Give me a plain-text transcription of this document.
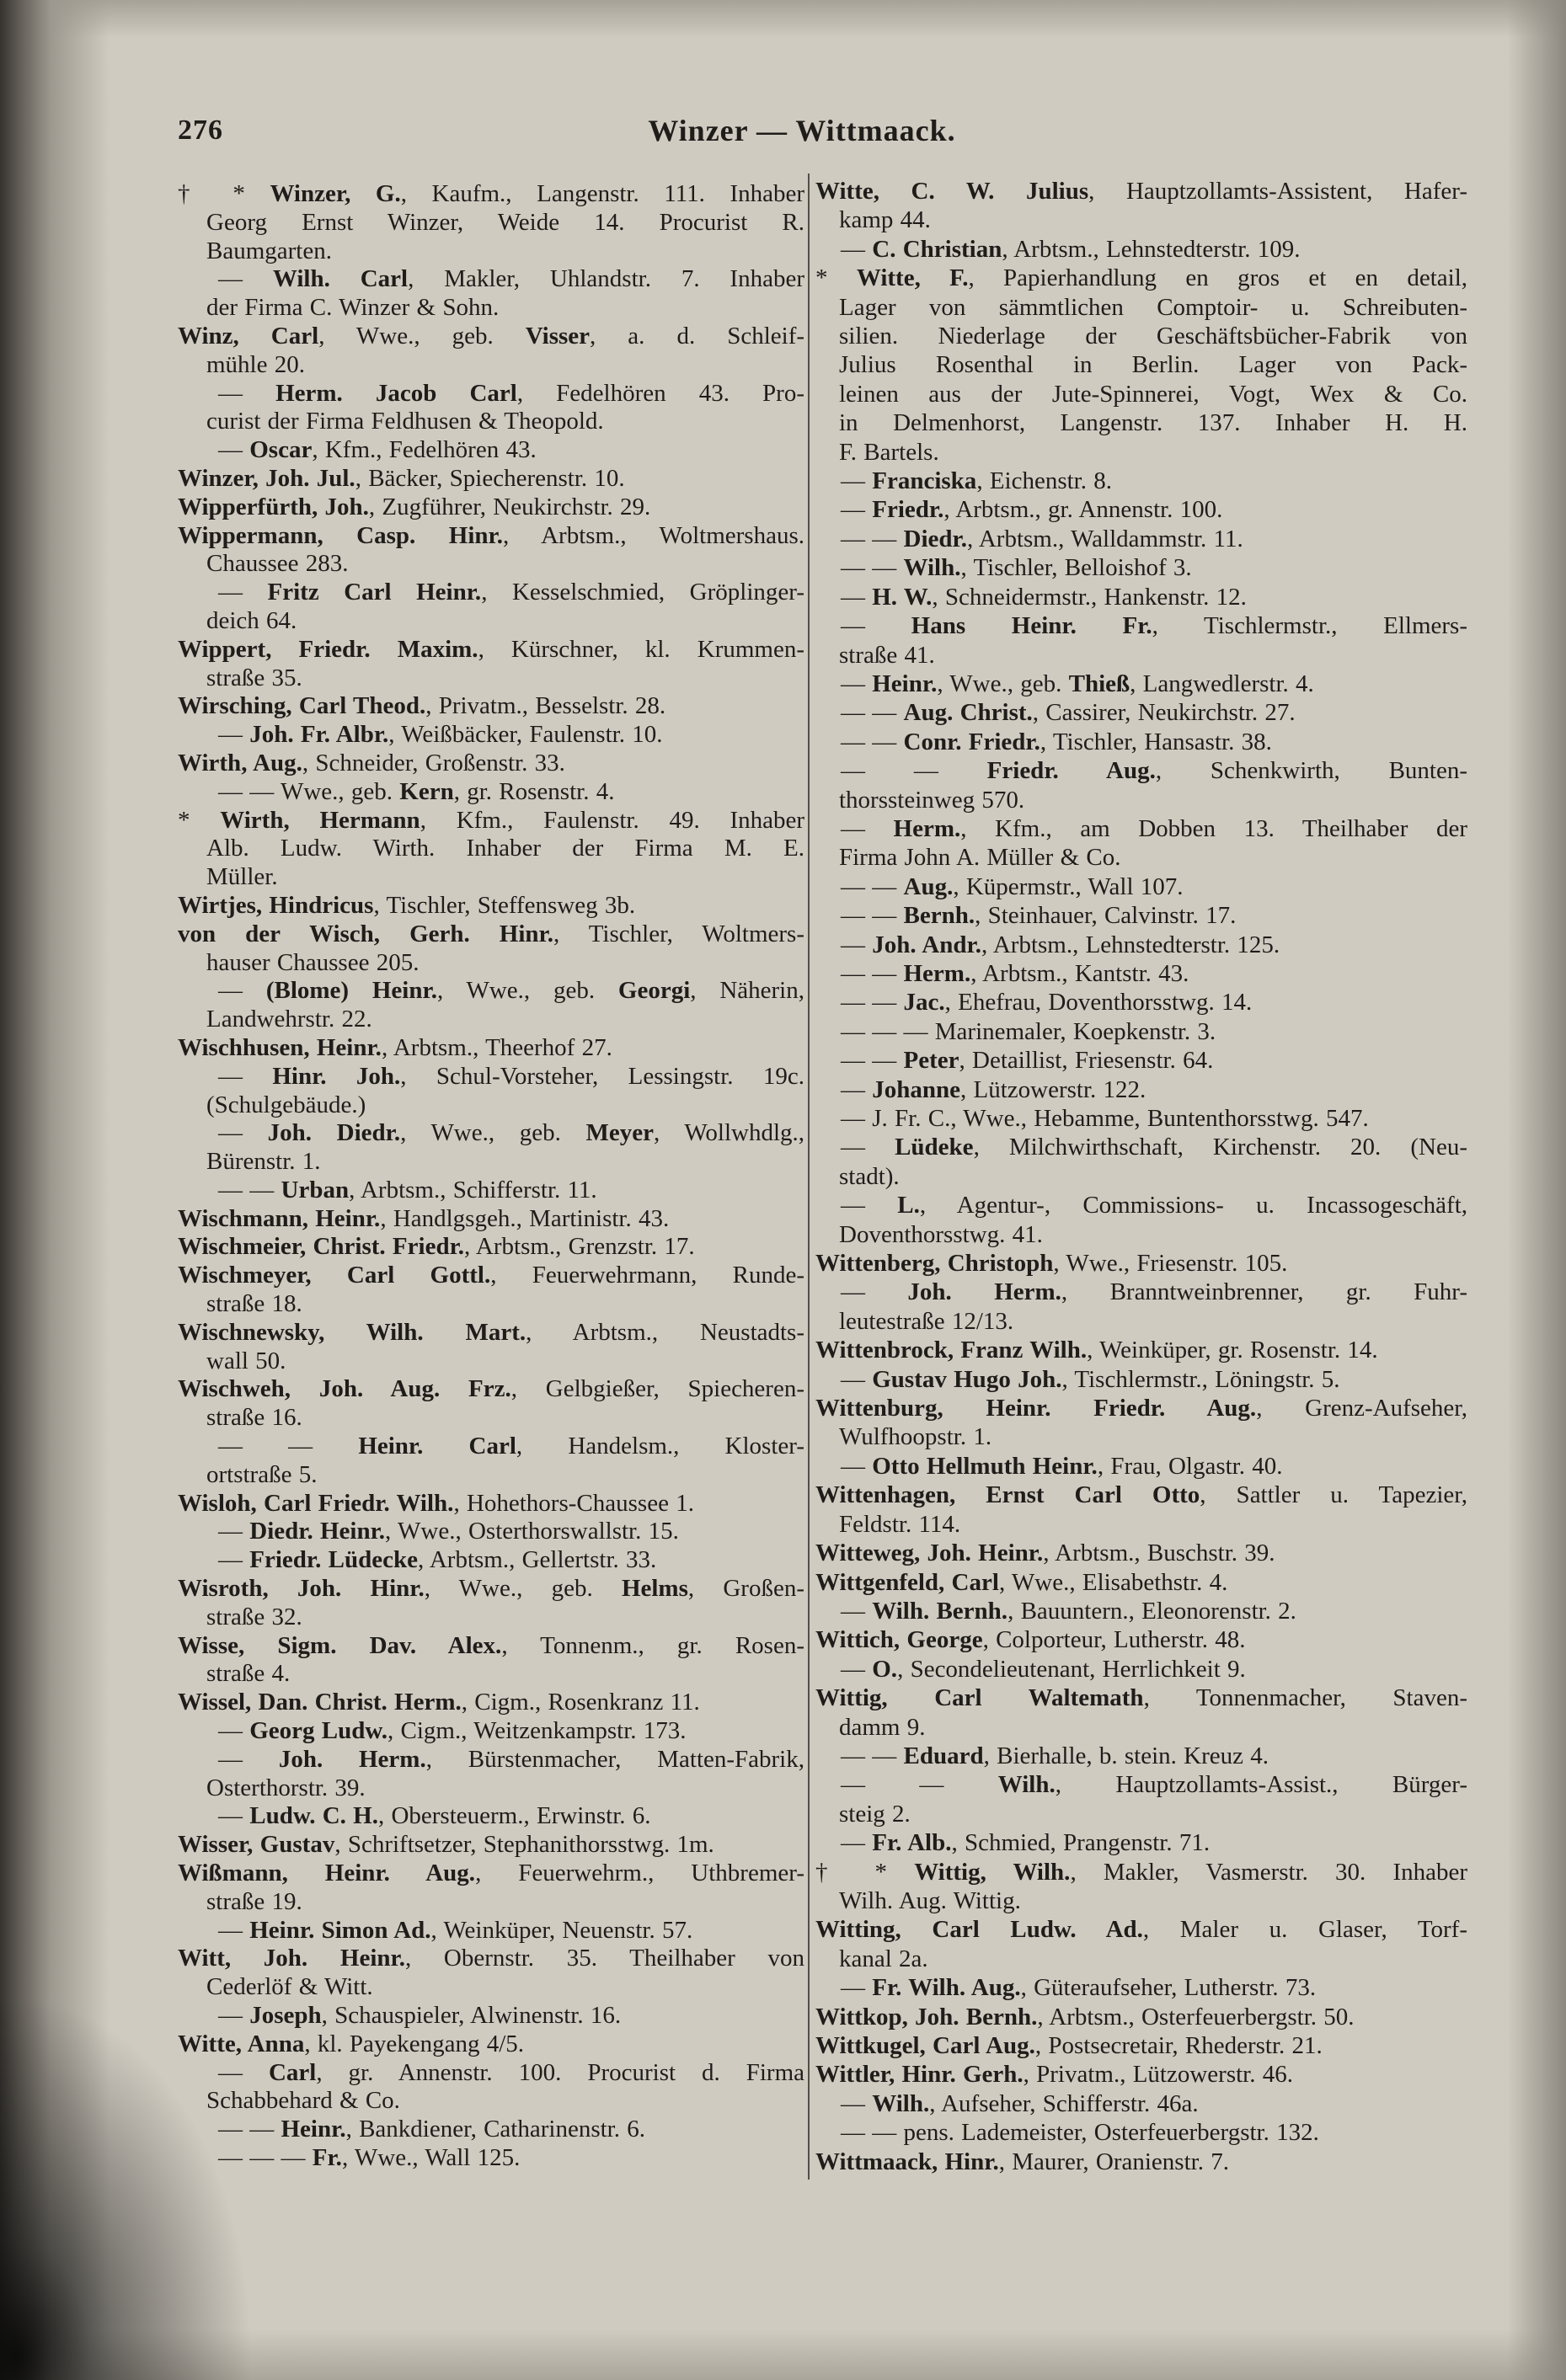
276	Winzer — Wittmaack.
† * Winzer, G., Kaufm., Langenstr. 111. Inhaber
Georg Ernst Winzer, Weide 14. Procurist R.
Baumgarten.
— Wilh. Carl, Makler, Uhlandstr. 7. Inhaber
der Firma C. Winzer & Sohn.
Winz, Carl, Wwe., geb. Visser, a. d. Schleif-
mühle 20.
— Herm. Jacob Carl, Fedelhören 43. Pro-
curist der Firma Feldhusen & Theopold.
— Oscar, Kfm., Fedelhören 43.
Winzer, Joh. Jul., Bäcker, Spiecherenstr. 10.
Wipperfürth, Joh., Zugführer, Neukirchstr. 29.
Wippermann, Casp. Hinr., Arbtsm., Woltmershaus.
Chaussee 283.
— Fritz Carl Heinr., Kesselschmied, Gröplinger-
deich 64.
Wippert, Friedr. Maxim., Kürschner, kl. Krummen-
straße 35.
Wirsching, Carl Theod., Privatm., Besselstr. 28.
— Joh. Fr. Albr., Weißbäcker, Faulenstr. 10.
Wirth, Aug., Schneider, Großenstr. 33.
— — Wwe., geb. Kern, gr. Rosenstr. 4.
* Wirth, Hermann, Kfm., Faulenstr. 49. Inhaber
Alb. Ludw. Wirth. Inhaber der Firma M. E.
Müller.
Wirtjes, Hindricus, Tischler, Steffensweg 3b.
von der Wisch, Gerh. Hinr., Tischler, Woltmers-
hauser Chaussee 205.
— (Blome) Heinr., Wwe., geb. Georgi, Näherin,
Landwehrstr. 22.
Wischhusen, Heinr., Arbtsm., Theerhof 27.
— Hinr. Joh., Schul-Vorsteher, Lessingstr. 19c.
(Schulgebäude.)
— Joh. Diedr., Wwe., geb. Meyer, Wollwhdlg.,
Bürenstr. 1.
— — Urban, Arbtsm., Schifferstr. 11.
Wischmann, Heinr., Handlgsgeh., Martinistr. 43.
Wischmeier, Christ. Friedr., Arbtsm., Grenzstr. 17.
Wischmeyer, Carl Gottl., Feuerwehrmann, Runde-
straße 18.
Wischnewsky, Wilh. Mart., Arbtsm., Neustadts-
wall 50.
Wischweh, Joh. Aug. Frz., Gelbgießer, Spiecheren-
straße 16.
— — Heinr. Carl, Handelsm., Kloster-
ortstraße 5.
Wisloh, Carl Friedr. Wilh., Hohethors-Chaussee 1.
— Diedr. Heinr., Wwe., Osterthorswallstr. 15.
— Friedr. Lüdecke, Arbtsm., Gellertstr. 33.
Wisroth, Joh. Hinr., Wwe., geb. Helms, Großen-
straße 32.
Wisse, Sigm. Dav. Alex., Tonnenm., gr. Rosen-
straße 4.
Wissel, Dan. Christ. Herm., Cigm., Rosenkranz 11.
— Georg Ludw., Cigm., Weitzenkampstr. 173.
— Joh. Herm., Bürstenmacher, Matten-Fabrik,
Osterthorstr. 39.
— Ludw. C. H., Obersteuerm., Erwinstr. 6.
Wisser, Gustav, Schriftsetzer, Stephanithorsstwg. 1m.
Wißmann, Heinr. Aug., Feuerwehrm., Uthbremer-
straße 19.
— Heinr. Simon Ad., Weinküper, Neuenstr. 57.
Witt, Joh. Heinr., Obernstr. 35. Theilhaber von
Cederlöf & Witt.
— Joseph, Schauspieler, Alwinenstr. 16.
Witte, Anna, kl. Payekengang 4/5.
— Carl, gr. Annenstr. 100. Procurist d. Firma
Schabbehard & Co.
— — Heinr., Bankdiener, Catharinenstr. 6.
— — — Fr., Wwe., Wall 125.
Witte, C. W. Julius, Hauptzollamts-Assistent, Hafer-
kamp 44.
— C. Christian, Arbtsm., Lehnstedterstr. 109.
* Witte, F., Papierhandlung en gros et en detail,
Lager von sämmtlichen Comptoir- u. Schreibuten-
silien. Niederlage der Geschäftsbücher-Fabrik von
Julius Rosenthal in Berlin. Lager von Pack-
leinen aus der Jute-Spinnerei, Vogt, Wex & Co.
in Delmenhorst, Langenstr. 137. Inhaber H. H.
F. Bartels.
— Franciska, Eichenstr. 8.
— Friedr., Arbtsm., gr. Annenstr. 100.
— — Diedr., Arbtsm., Walldammstr. 11.
— — Wilh., Tischler, Belloishof 3.
— H. W., Schneidermstr., Hankenstr. 12.
— Hans Heinr. Fr., Tischlermstr., Ellmers-
straße 41.
— Heinr., Wwe., geb. Thieß, Langwedlerstr. 4.
— — Aug. Christ., Cassirer, Neukirchstr. 27.
— — Conr. Friedr., Tischler, Hansastr. 38.
— — Friedr. Aug., Schenkwirth, Bunten-
thorssteinweg 570.
— Herm., Kfm., am Dobben 13. Theilhaber der
Firma John A. Müller & Co.
— — Aug., Küpermstr., Wall 107.
— — Bernh., Steinhauer, Calvinstr. 17.
— Joh. Andr., Arbtsm., Lehnstedterstr. 125.
— — Herm., Arbtsm., Kantstr. 43.
— — Jac., Ehefrau, Doventhorsstwg. 14.
— — — Marinemaler, Koepkenstr. 3.
— — Peter, Detaillist, Friesenstr. 64.
— Johanne, Lützowerstr. 122.
— J. Fr. C., Wwe., Hebamme, Buntenthorsstwg. 547.
— Lüdeke, Milchwirthschaft, Kirchenstr. 20. (Neu-
stadt).
— L., Agentur-, Commissions- u. Incassogeschäft,
Doventhorsstwg. 41.
Wittenberg, Christoph, Wwe., Friesenstr. 105.
— Joh. Herm., Branntweinbrenner, gr. Fuhr-
leutestraße 12/13.
Wittenbrock, Franz Wilh., Weinküper, gr. Rosenstr. 14.
— Gustav Hugo Joh., Tischlermstr., Löningstr. 5.
Wittenburg, Heinr. Friedr. Aug., Grenz-Aufseher,
Wulfhoopstr. 1.
— Otto Hellmuth Heinr., Frau, Olgastr. 40.
Wittenhagen, Ernst Carl Otto, Sattler u. Tapezier,
Feldstr. 114.
Witteweg, Joh. Heinr., Arbtsm., Buschstr. 39.
Wittgenfeld, Carl, Wwe., Elisabethstr. 4.
— Wilh. Bernh., Bauuntern., Eleonorenstr. 2.
Wittich, George, Colporteur, Lutherstr. 48.
— O., Secondelieutenant, Herrlichkeit 9.
Wittig, Carl Waltemath, Tonnenmacher, Staven-
damm 9.
— — Eduard, Bierhalle, b. stein. Kreuz 4.
— — Wilh., Hauptzollamts-Assist., Bürger-
steig 2.
— Fr. Alb., Schmied, Prangenstr. 71.
† * Wittig, Wilh., Makler, Vasmerstr. 30. Inhaber
Wilh. Aug. Wittig.
Witting, Carl Ludw. Ad., Maler u. Glaser, Torf-
kanal 2a.
— Fr. Wilh. Aug., Güteraufseher, Lutherstr. 73.
Wittkop, Joh. Bernh., Arbtsm., Osterfeuerbergstr. 50.
Wittkugel, Carl Aug., Postsecretair, Rhederstr. 21.
Wittler, Hinr. Gerh., Privatm., Lützowerstr. 46.
— Wilh., Aufseher, Schifferstr. 46a.
— — pens. Lademeister, Osterfeuerbergstr. 132.
Wittmaack, Hinr., Maurer, Oranienstr. 7.
